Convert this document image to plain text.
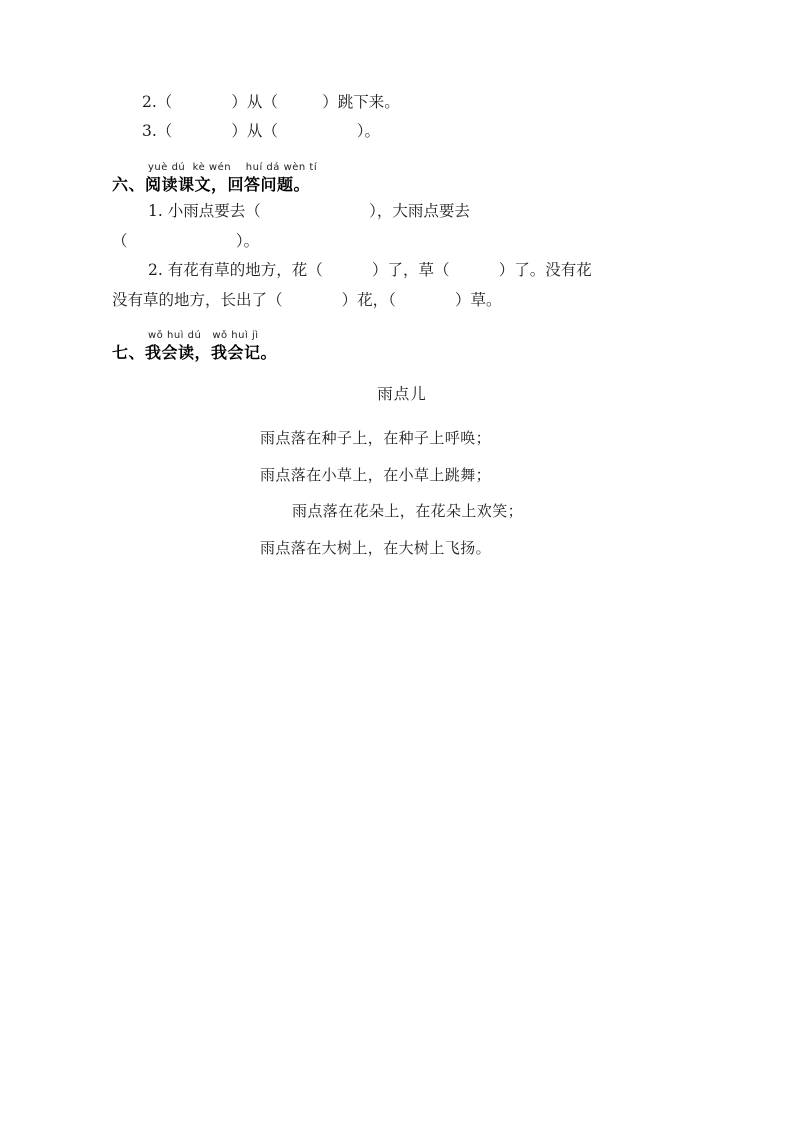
2.（            ）从（         ）跳下来。
3.（            ）从（                ）。
yuè dú  kè wén    huí dá wèn tí
六、阅读课文，回答问题。
1. 小雨点要去（                      ），大雨点要去
（                      ）。
2. 有花有草的地方，花（          ）了，草（          ）了。没有花
没有草的地方，长出了（            ）花，（            ）草。
wǒ huì dú   wǒ huì jì
七、我会读，我会记。
雨点儿
雨点落在种子上，在种子上呼唤；
雨点落在小草上，在小草上跳舞；
雨点落在花朵上，在花朵上欢笑；
雨点落在大树上，在大树上飞扬。
